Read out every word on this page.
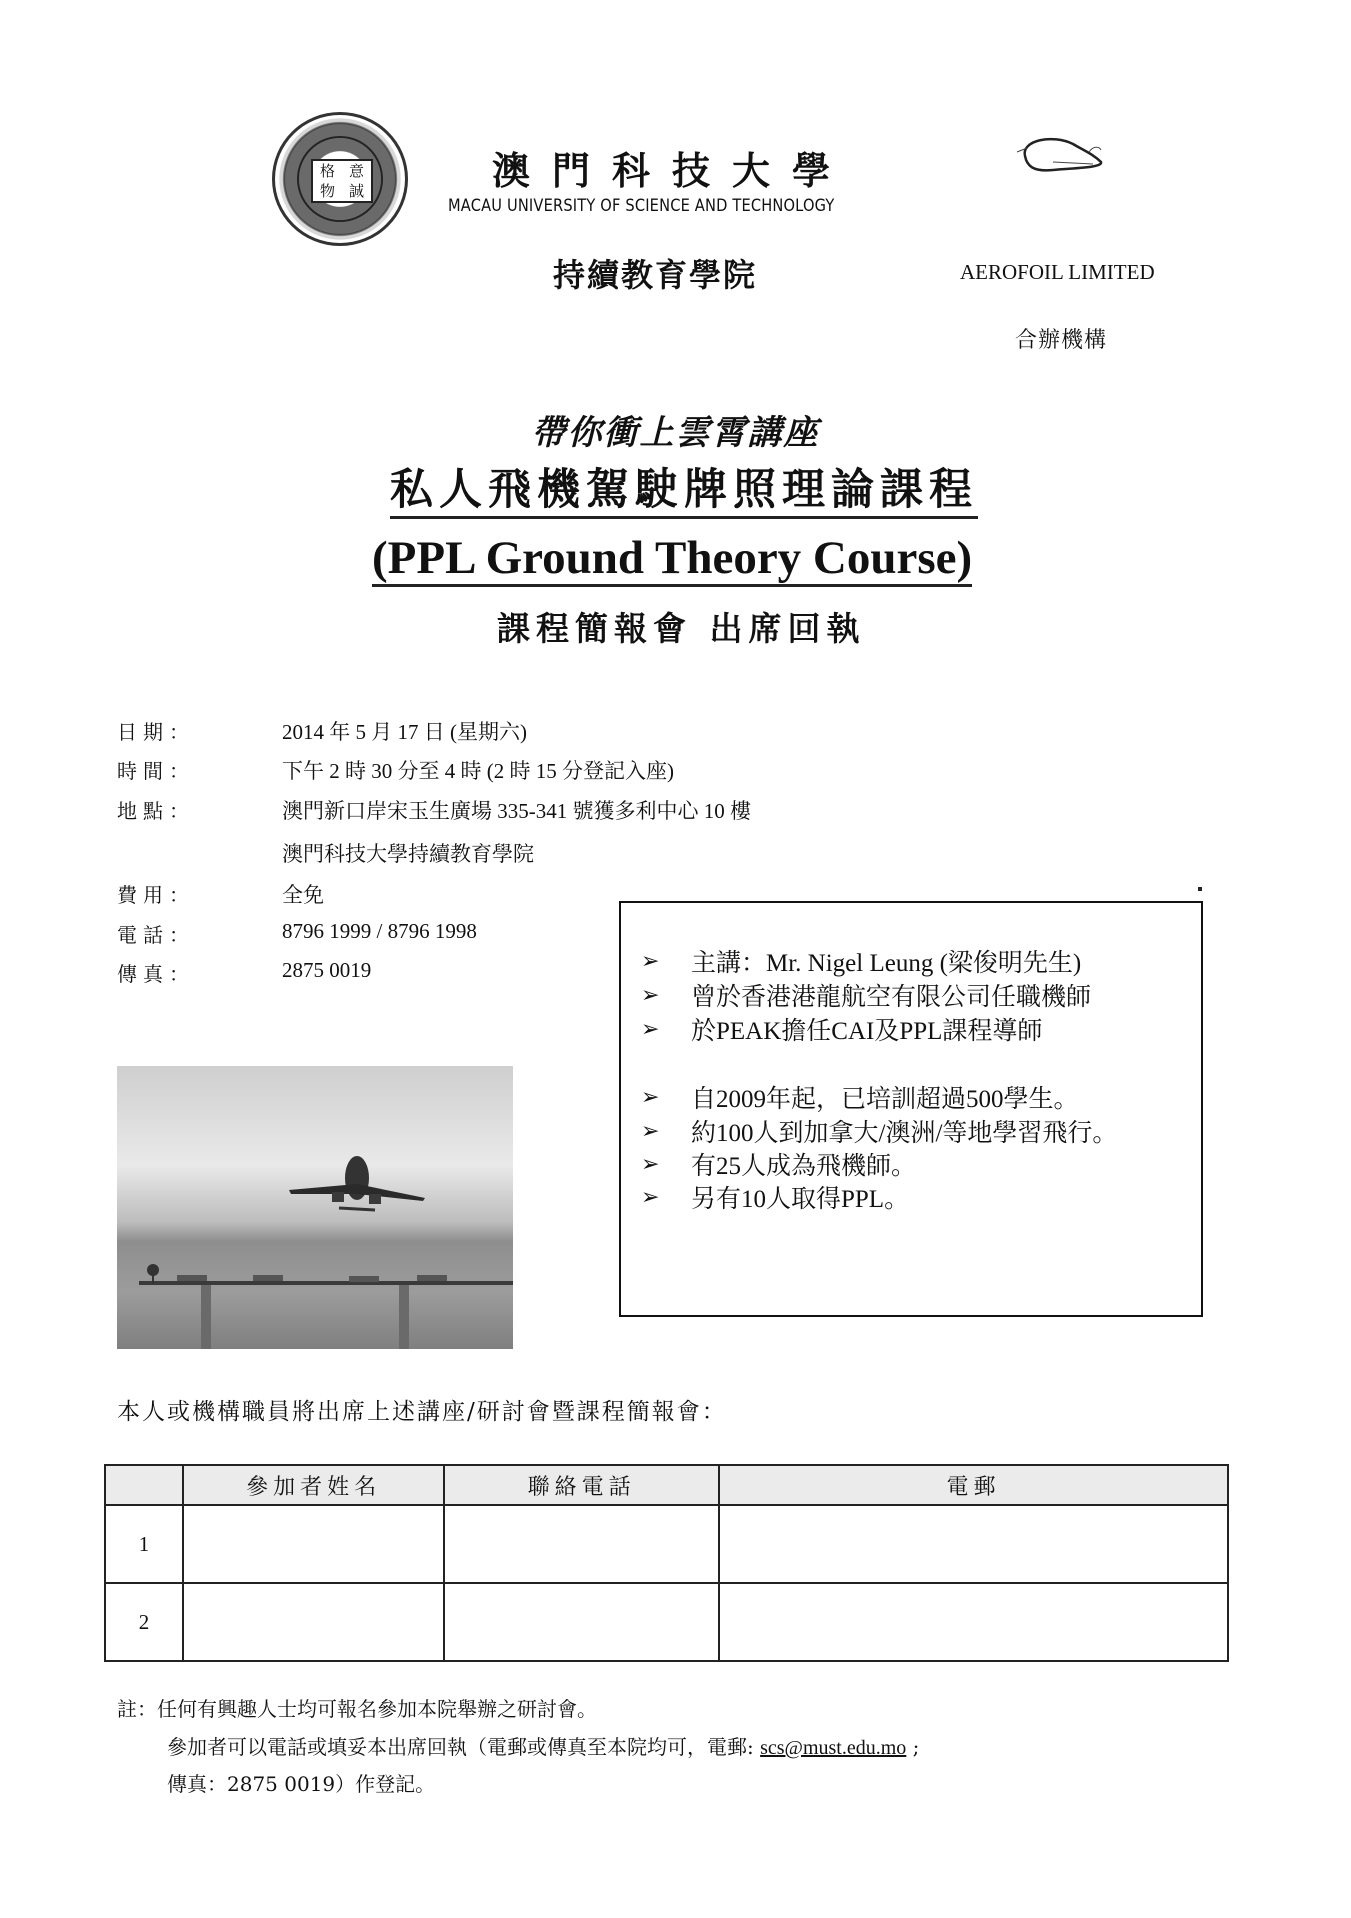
格 意
物 誠	澳門科技大學
MACAU UNIVERSITY OF SCIENCE AND TECHNOLOGY
持續教育學院	AEROFOIL LIMITED
合辦機構
帶你衝上雲霄講座
私人飛機駕駛牌照理論課程
(PPL Ground Theory Course)
課程簡報會 出席回執
日期：	2014 年 5 月 17 日 (星期六)
時間：	下午 2 時 30 分至 4 時 (2 時 15 分登記入座)
地點：	澳門新口岸宋玉生廣場 335-341 號獲多利中心 10 樓
澳門科技大學持續教育學院
費用：	全免
電話：	8796 1999 / 8796 1998
傳真：	2875 0019	➢	主講：Mr. Nigel Leung (梁俊明先生)
➢	曾於香港港龍航空有限公司任職機師
➢	於PEAK擔任CAI及PPL課程導師
➢	自2009年起，已培訓超過500學生。
➢	約100人到加拿大/澳洲/等地學習飛行。
➢	有25人成為飛機師。
➢	另有10人取得PPL。
本人或機構職員將出席上述講座/研討會暨課程簡報會：
	參加者姓名	聯絡電話	電郵
1			
2			
註：任何有興趣人士均可報名參加本院舉辦之研討會。
參加者可以電話或填妥本出席回執（電郵或傳真至本院均可，電郵: scs@must.edu.mo ;
傳真：2875 0019）作登記。
